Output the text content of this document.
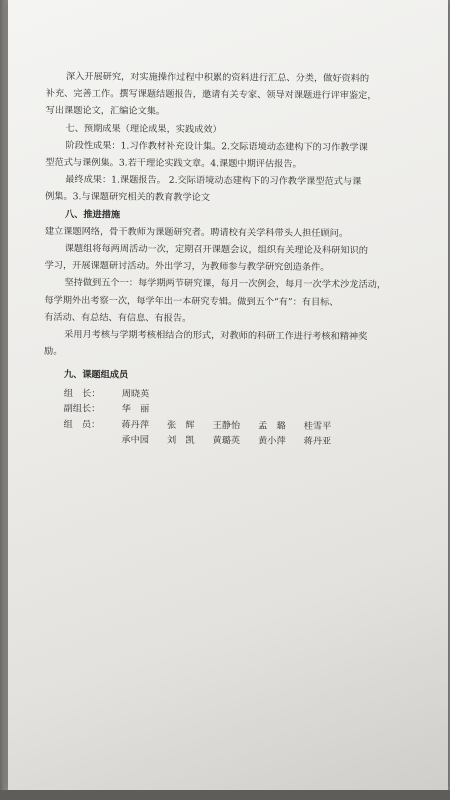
深入开展研究，对实施操作过程中积累的资料进行汇总、分类，做好资料的
补充、完善工作。撰写课题结题报告，邀请有关专家、领导对课题进行评审鉴定，
写出课题论文，汇编论文集。
七、预期成果（理论成果，实践成效）
阶段性成果：1.习作教材补充设计集。2.交际语境动态建构下的习作教学课
型范式与课例集。3.若干理论实践文章。4.课题中期评估报告。
最终成果：1.课题报告。 2.交际语境动态建构下的习作教学课型范式与课
例集。3.与课题研究相关的教育教学论文
八、推进措施
建立课题网络，骨干教师为课题研究者。聘请校有关学科带头人担任顾问。
课题组将每两周活动一次，定期召开课题会议，组织有关理论及科研知识的
学习，开展课题研讨活动。外出学习，为教师参与教学研究创造条件。
坚持做到五个一：每学期两节研究课，每月一次例会，每月一次学术沙龙活动，
每学期外出考察一次，每学年出一本研究专辑。做到五个“有”：有目标、
有活动、有总结、有信息、有报告。
采用月考核与学期考核相结合的形式，对教师的科研工作进行考核和精神奖
励。
九、课题组成员
组　长： 周晓英
副组长： 华　丽
组　员： 蒋丹萍 张　辉 王静怡 孟　璐 桂雪平
承中园 刘　凯 黄璐英 黄小萍 蒋丹亚
